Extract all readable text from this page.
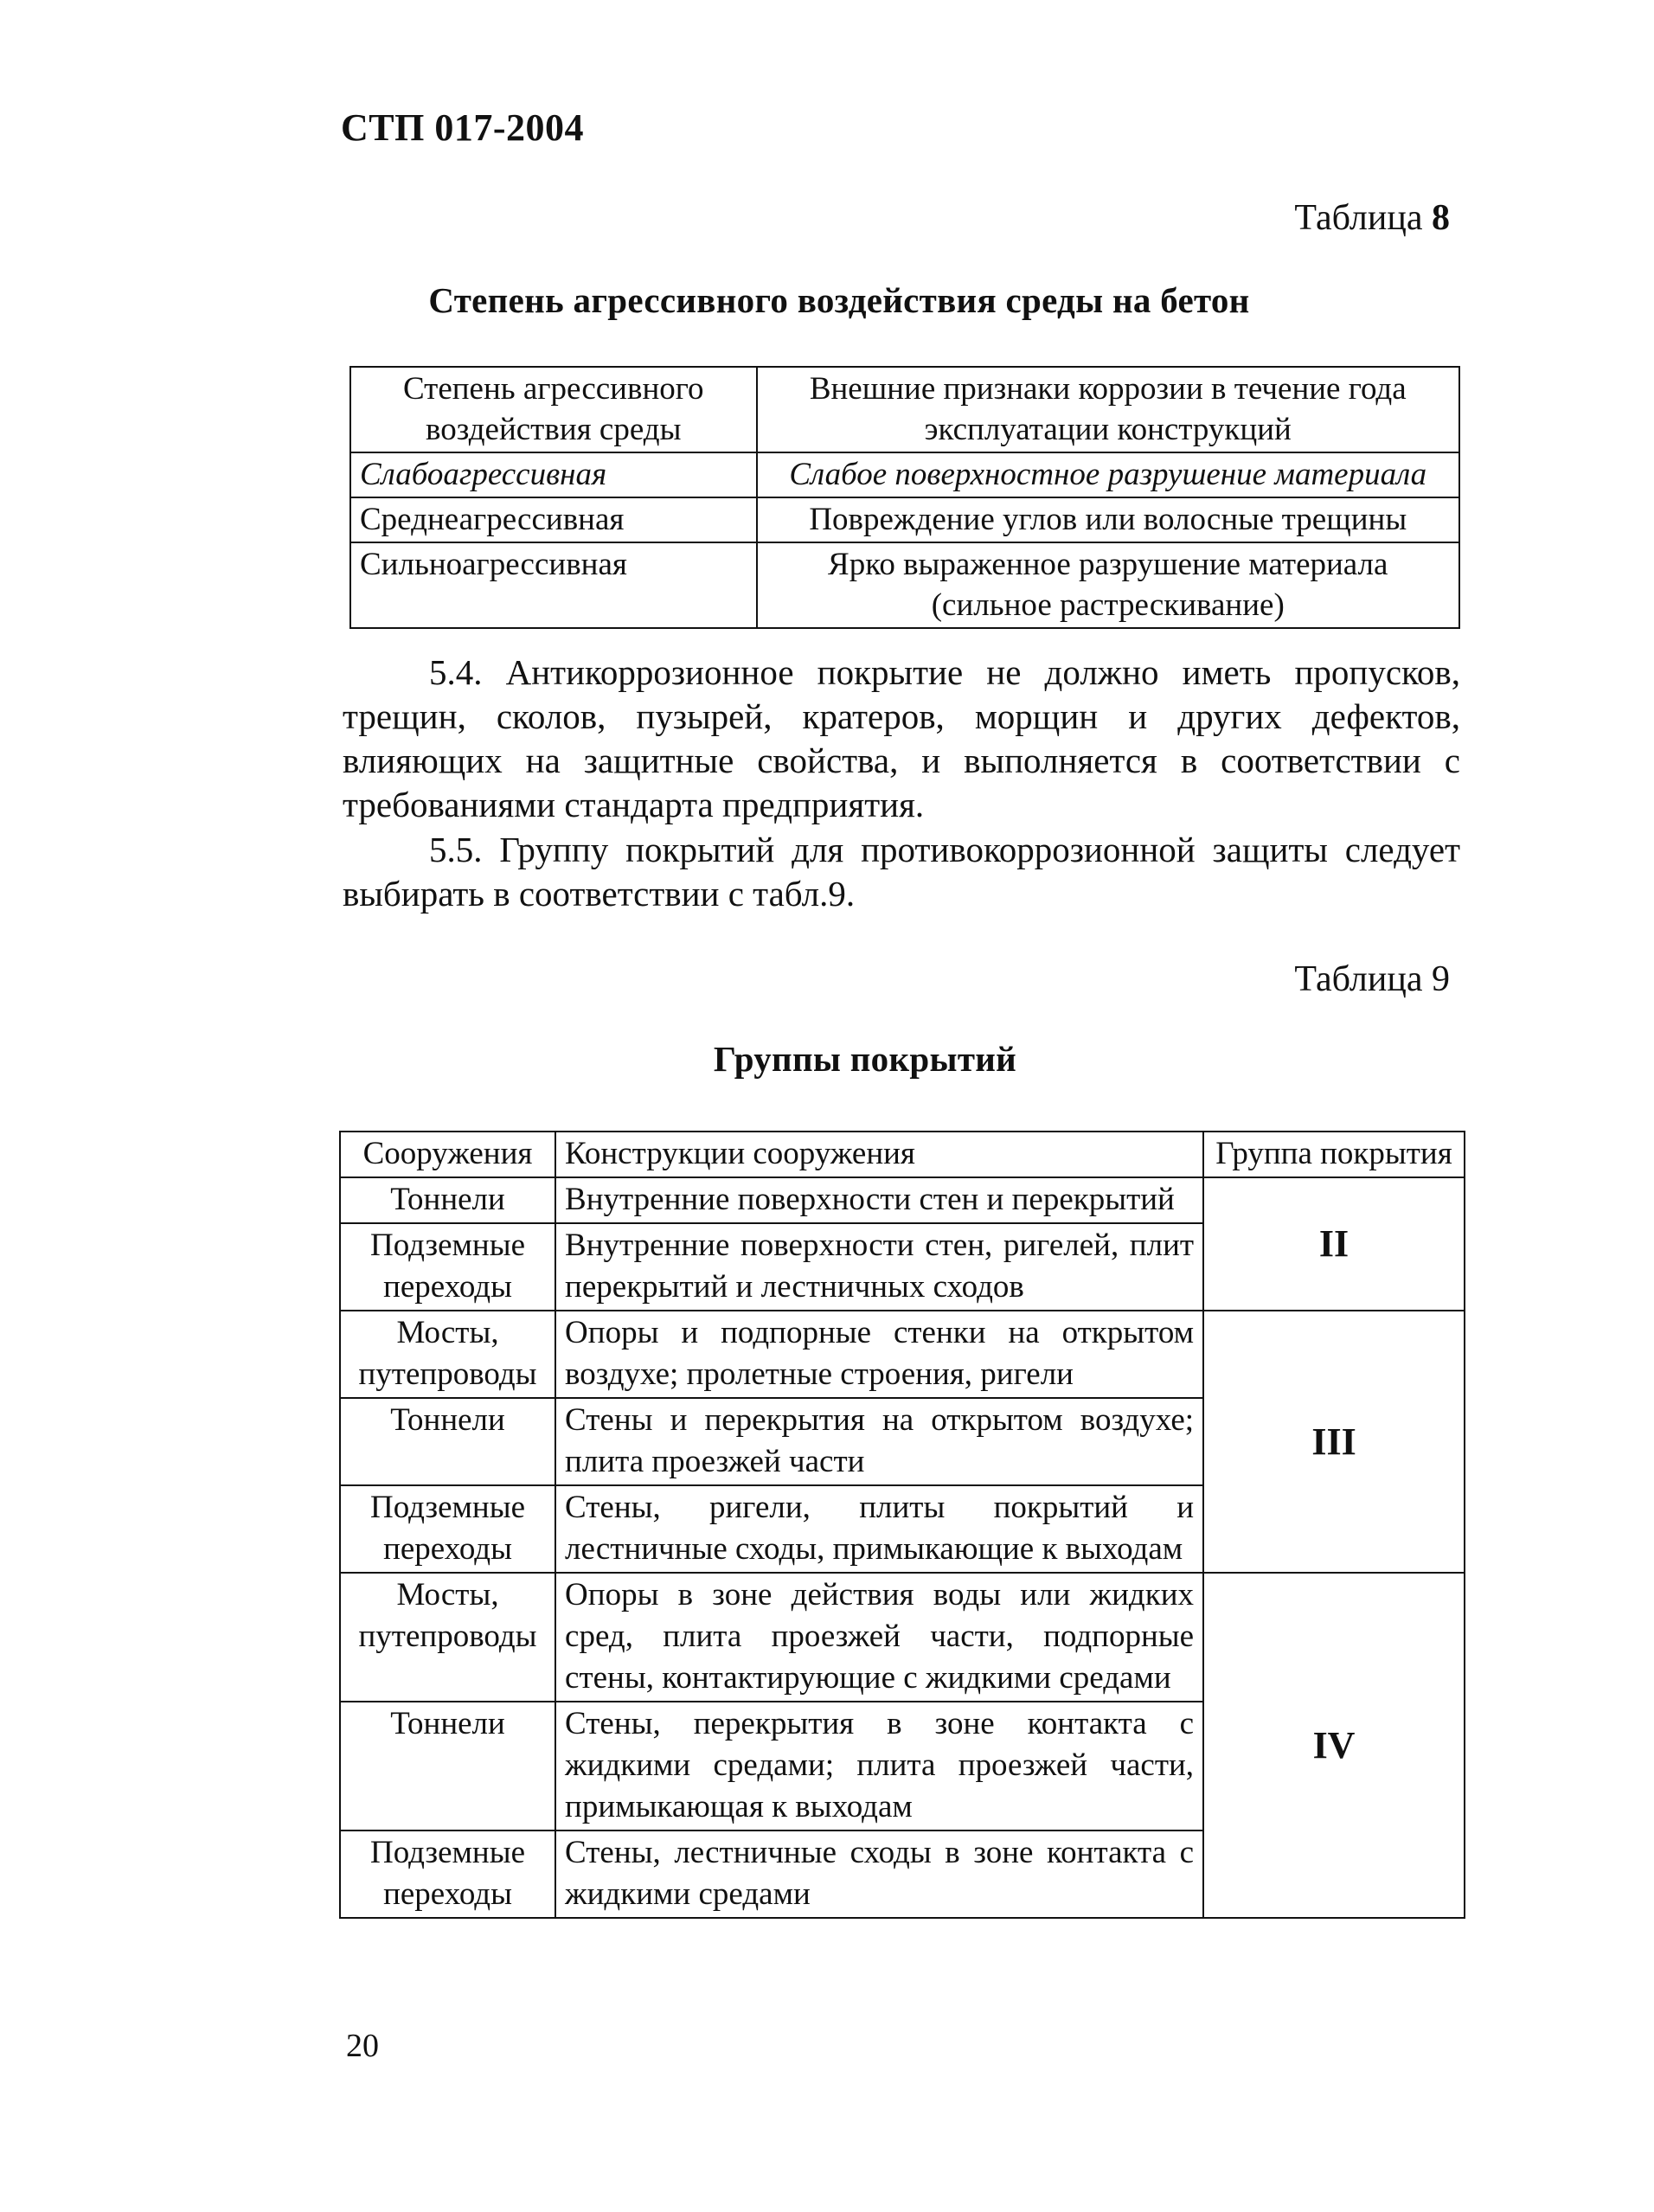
СТП 017-2004
Таблица 8
Степень агрессивного воздействия среды на бетон
Степень агрессивного воздействия среды	Внешние признаки коррозии в течение года эксплуатации конструкций
Слабоагрессивная	Слабое поверхностное разрушение материала
Среднеагрессивная	Повреждение углов или волосные трещины
Сильноагрессивная	Ярко выраженное разрушение материала (сильное растрескивание)
5.4. Антикоррозионное покрытие не должно иметь пропусков, трещин, сколов, пузырей, кратеров, морщин и других дефектов, влияющих на защитные свойства, и выполняется в соответствии с требованиями стандарта предприятия.
5.5. Группу покрытий для противокоррозионной защиты следует выбирать в соответствии с табл.9.
Таблица 9
Группы покрытий
Сооружения	Конструкции сооружения	Группа покрытия
Тоннели	Внутренние поверхности стен и перекрытий	II
Подземные переходы	Внутренние поверхности стен, ригелей, плит перекрытий и лестничных сходов	
Мосты, путепроводы	Опоры и подпорные стенки на открытом воздухе; пролетные строения, ригели	III
Тоннели	Стены и перекрытия на открытом воздухе; плита проезжей части	
Подземные переходы	Стены, ригели, плиты покрытий и лестничные сходы, примыкающие к выходам	
Мосты, путепроводы	Опоры в зоне действия воды или жидких сред, плита проезжей части, подпорные стены, контактирующие с жидкими средами	IV
Тоннели	Стены, перекрытия в зоне контакта с жидкими средами; плита проезжей части, примыкающая к выходам	
Подземные переходы	Стены, лестничные сходы в зоне контакта с жидкими средами	
20
